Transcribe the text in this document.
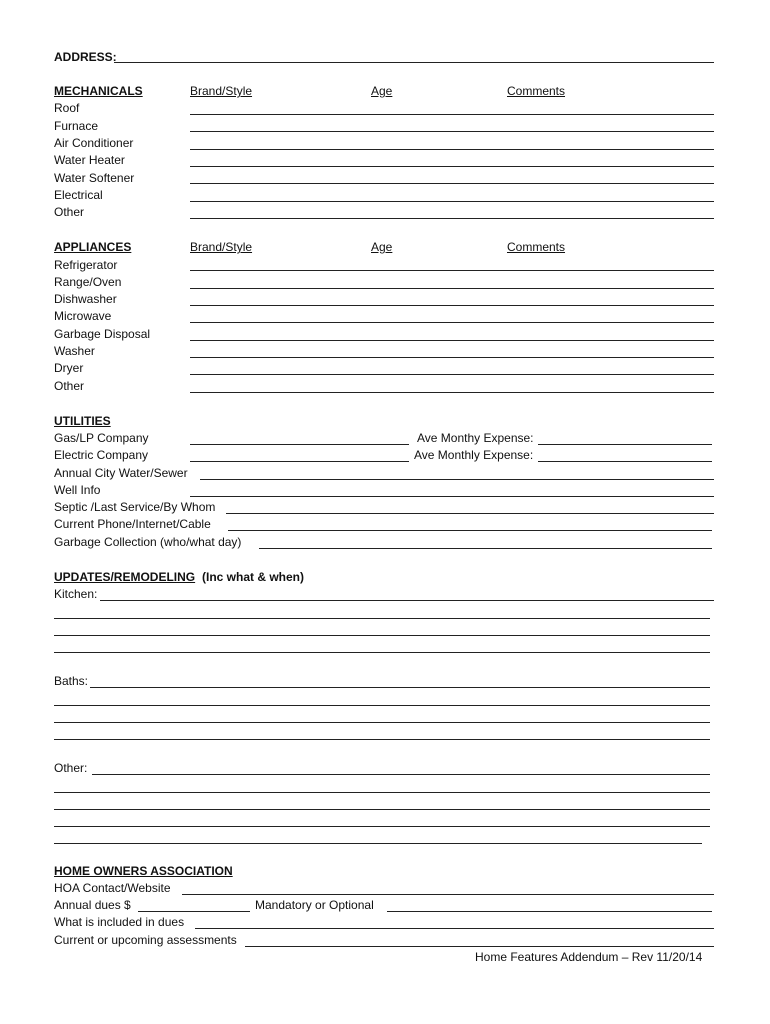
ADDRESS:
MECHANICALS	Brand/Style	Age	Comments
Roof
Furnace
Air Conditioner
Water Heater
Water Softener
Electrical
Other
APPLIANCES	Brand/Style	Age	Comments
Refrigerator
Range/Oven
Dishwasher
Microwave
Garbage Disposal
Washer
Dryer
Other
UTILITIES
Gas/LP Company	Ave Monthy Expense:
Electric Company	Ave Monthly Expense:
Annual City Water/Sewer
Well Info
Septic /Last Service/By Whom
Current Phone/Internet/Cable
Garbage Collection (who/what day)
UPDATES/REMODELING (Inc what & when)
Kitchen:
Baths:
Other:
HOME OWNERS ASSOCIATION
HOA Contact/Website
Annual dues $	Mandatory or Optional
What is included in dues
Current or upcoming assessments
Home Features Addendum – Rev 11/20/14
